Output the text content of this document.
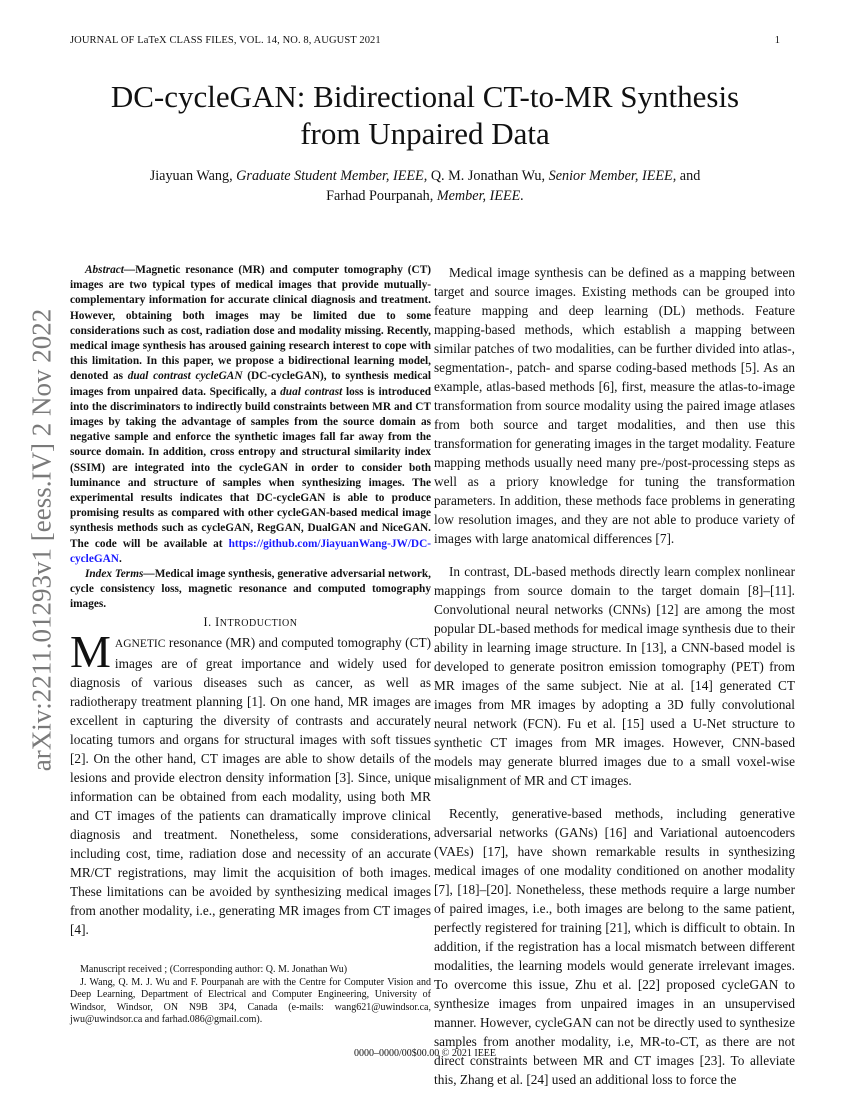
JOURNAL OF LaTeX CLASS FILES, VOL. 14, NO. 8, AUGUST 2021	1
arXiv:2211.01293v1 [eess.IV] 2 Nov 2022
DC-cycleGAN: Bidirectional CT-to-MR Synthesis
from Unpaired Data
Jiayuan Wang, Graduate Student Member, IEEE, Q. M. Jonathan Wu, Senior Member, IEEE, and
Farhad Pourpanah, Member, IEEE.

Abstract—Magnetic resonance (MR) and computer tomography (CT) images are two typical types of medical images that provide mutually-complementary information for accurate clinical diagnosis and treatment. However, obtaining both images may be limited due to some considerations such as cost, radiation dose and modality missing. Recently, medical image synthesis has aroused gaining research interest to cope with this limitation. In this paper, we propose a bidirectional learning model, denoted as dual contrast cycleGAN (DC-cycleGAN), to synthesis medical images from unpaired data. Specifically, a dual contrast loss is introduced into the discriminators to indirectly build constraints between MR and CT images by taking the advantage of samples from the source domain as negative sample and enforce the synthetic images fall far away from the source domain. In addition, cross entropy and structural similarity index (SSIM) are integrated into the cycleGAN in order to consider both luminance and structure of samples when synthesizing images. The experimental results indicates that DC-cycleGAN is able to produce promising results as compared with other cycleGAN-based medical image synthesis methods such as cycleGAN, RegGAN, DualGAN and NiceGAN. The code will be available at https://github.com/JiayuanWang-JW/DC-cycleGAN.

Index Terms—Medical image synthesis, generative adversarial network, cycle consistency loss, magnetic resonance and computed tomography images.

I. INTRODUCTION

MAGNETIC resonance (MR) and computed tomography (CT) images are of great importance and widely used for diagnosis of various diseases such as cancer, as well as radiotherapy treatment planning [1]. On one hand, MR images are excellent in capturing the diversity of contrasts and accurately locating tumors and organs for structural images with soft tissues [2]. On the other hand, CT images are able to show details of the lesions and provide electron density information [3]. Since, unique information can be obtained from each modality, using both MR and CT images of the patients can dramatically improve clinical diagnosis and treatment. Nonetheless, some considerations, including cost, time, radiation dose and necessity of an accurate MR/CT registrations, may limit the acquisition of both images. These limitations can be avoided by synthesizing medical images from another modality, i.e., generating MR images from CT images [4].

Manuscript received ; (Corresponding author: Q. M. Jonathan Wu)

J. Wang, Q. M. J. Wu and F. Pourpanah are with the Centre for Computer Vision and Deep Learning, Department of Electrical and Computer Engineering, University of Windsor, Windsor, ON N9B 3P4, Canada (e-mails: wang621@uwindsor.ca, jwu@uwindsor.ca and farhad.086@gmail.com).

Medical image synthesis can be defined as a mapping between target and source images. Existing methods can be grouped into feature mapping and deep learning (DL) methods. Feature mapping-based methods, which establish a mapping between similar patches of two modalities, can be further divided into atlas-, segmentation-, patch- and sparse coding-based methods [5]. As an example, atlas-based methods [6], first, measure the atlas-to-image transformation from source modality using the paired image atlases from both source and target modalities, and then use this transformation for generating images in the target modality. Feature mapping methods usually need many pre-/post-processing steps as well as a priory knowledge for tuning the transformation parameters. In addition, these methods face problems in generating low resolution images, and they are not able to produce variety of images with large anatomical differences [7].

In contrast, DL-based methods directly learn complex nonlinear mappings from source domain to the target domain [8]–[11]. Convolutional neural networks (CNNs) [12] are among the most popular DL-based methods for medical image synthesis due to their ability in learning image structure. In [13], a CNN-based model is developed to generate positron emission tomography (PET) from MR images of the same subject. Nie at al. [14] generated CT images from MR images by adopting a 3D fully convolutional neural network (FCN). Fu et al. [15] used a U-Net structure to synthetic CT images from MR images. However, CNN-based models may generate blurred images due to a small voxel-wise misalignment of MR and CT images.

Recently, generative-based methods, including generative adversarial networks (GANs) [16] and Variational autoencoders (VAEs) [17], have shown remarkable results in synthesizing medical images of one modality conditioned on another modality [7], [18]–[20]. Nonetheless, these methods require a large number of paired images, i.e., both images are belong to the same patient, perfectly registered for training [21], which is difficult to obtain. In addition, if the registration has a local mismatch between different modalities, the learning models would generate irrelevant images. To overcome this issue, Zhu et al. [22] proposed cycleGAN to synthesize images from unpaired images in an unsupervised manner. However, cycleGAN can not be directly used to synthesize samples from another modality, i.e, MR-to-CT, as there are not direct constraints between MR and CT images [23]. To alleviate this, Zhang et al. [24] used an additional loss to force the

0000–0000/00$00.00 © 2021 IEEE
